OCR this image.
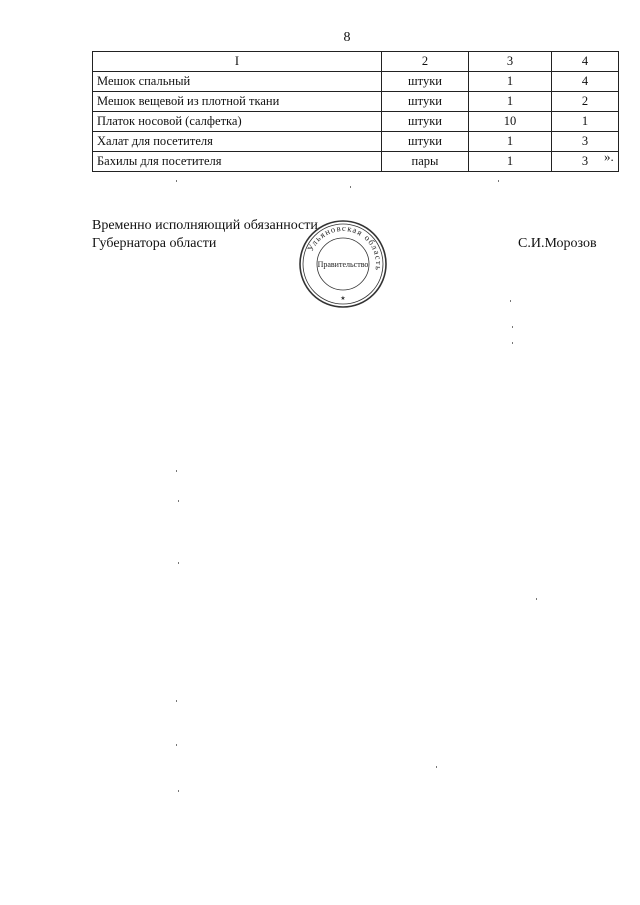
8
I	2	3	4
Мешок спальный	штуки	1	4
Мешок вещевой из плотной ткани	штуки	1	2
Платок носовой (салфетка)	штуки	10	1
Халат для посетителя	штуки	1	3
Бахилы для посетителя	пары	1	3 ».
Временно исполняющий обязанности
Губернатора области	С.И.Морозов
Ульяновская область
Правительство
★
